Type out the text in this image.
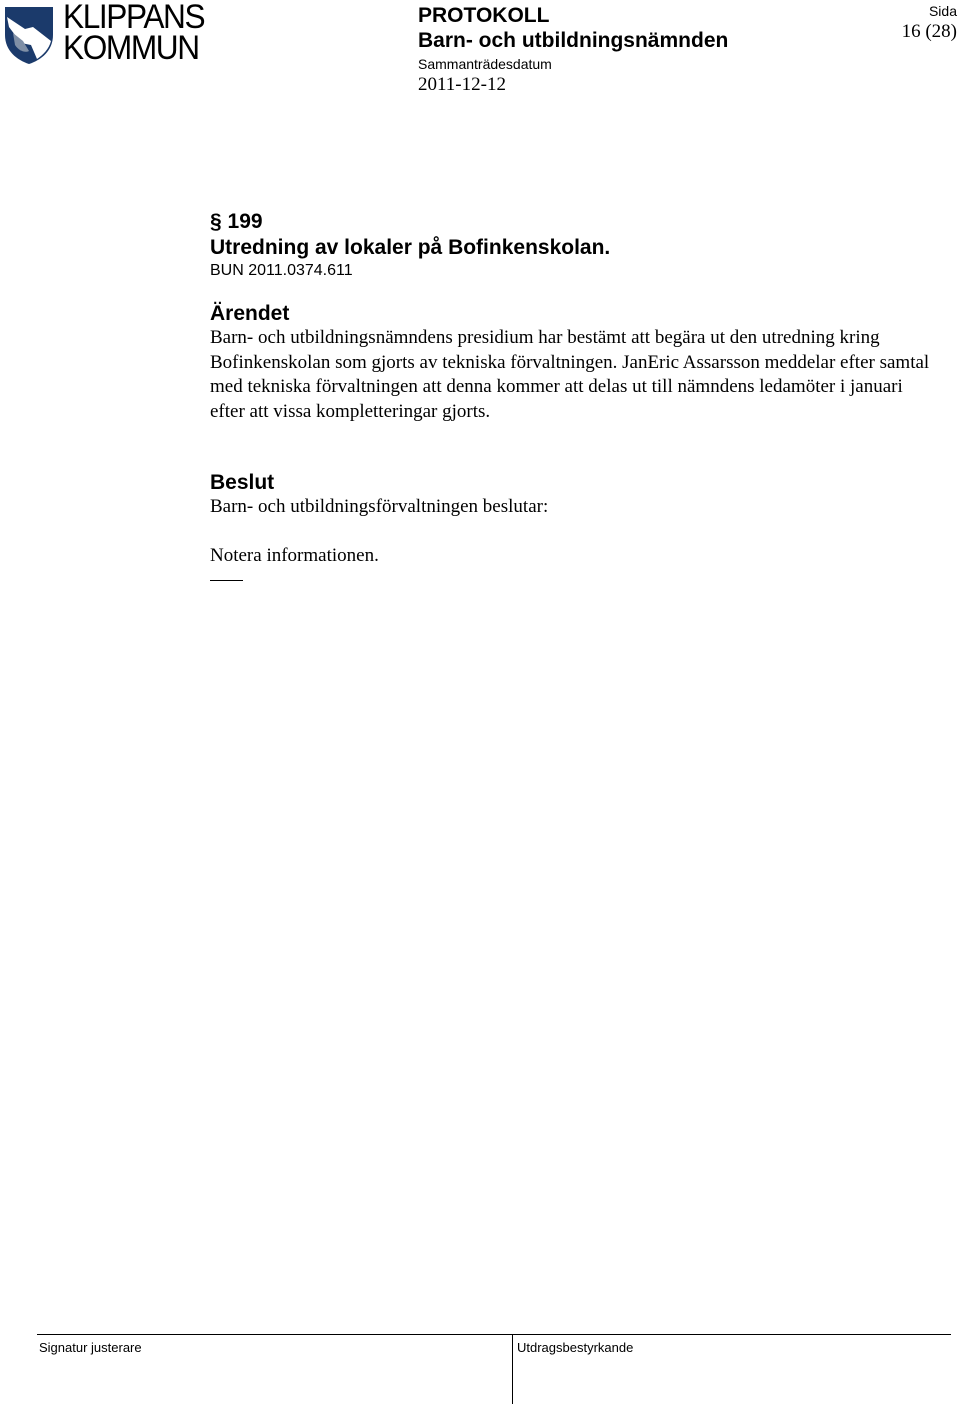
KLIPPANS
KOMMUN
PROTOKOLL
Barn- och utbildningsnämnden
Sammanträdesdatum
2011-12-12
Sida
16 (28)
§ 199
Utredning av lokaler på Bofinkenskolan.
BUN 2011.0374.611
Ärendet

Barn- och utbildningsnämndens presidium har bestämt att begära ut den utredning kring Bofinkenskolan som gjorts av tekniska förvaltningen. JanEric Assarsson meddelar efter samtal med tekniska förvaltningen att denna kommer att delas ut till nämndens ledamöter i januari efter att vissa kompletteringar gjorts.

Beslut

Barn- och utbildningsförvaltningen beslutar:

Notera informationen.

Signatur justerare	Utdragsbestyrkande
